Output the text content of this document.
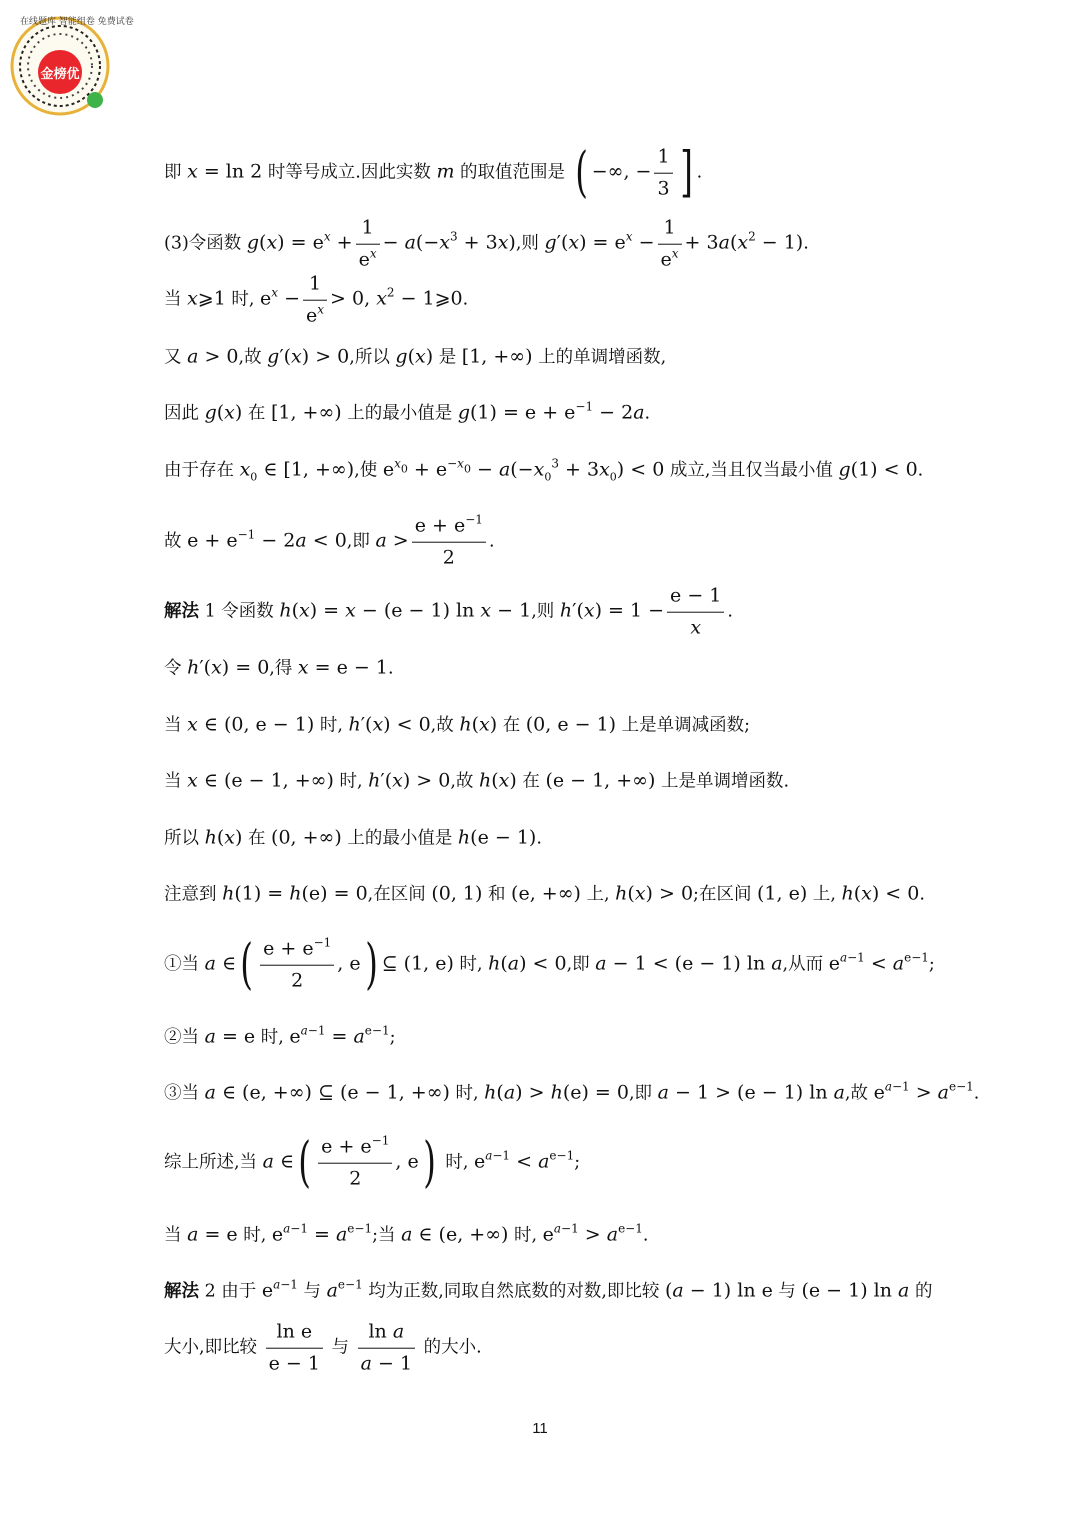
金榜优
在线题库 智能组卷 免费试卷
即 x = ln 2 时等号成立.因此实数 m 的取值范围是 ( −∞, − $\frac{1}{3}$ ] .
(3)令函数 $g(x) = e^x + \frac{1}{e^x} - a(-x^3 + 3x)$,则 $g'(x) = e^x - \frac{1}{e^x} + 3a(x^2 - 1)$.
当 x⩾1 时, $e^x - \frac{1}{e^x} > 0$, $x^2$ − 1⩾0.
又 a > 0,故 g′(x) > 0,所以 g(x) 是 [1, +∞) 上的单调增函数,
因此 g(x) 在 [1, +∞) 上的最小值是 $g(1) = e + e^{-1} - 2a$.
由于存在 $x_0$ ∈ [1, +∞),使 $e^{x_0} + e^{-x_0} - a(-x_0^3 + 3x_0) < 0$ 成立,当且仅当最小值 g(1) < 0.
故 $e + e^{-1} - 2a < 0$,即 $a > \frac{e + e^{-1}}{2}$ .
解法 1 令函数 h(x) = x − (e − 1) ln x − 1,则 $h'(x) = 1 - \frac{e - 1}{x}$ .
令 h′(x) = 0,得 x = e − 1.
当 x ∈ (0, e − 1) 时, h′(x) < 0,故 h(x) 在 (0, e − 1) 上是单调减函数;
当 x ∈ (e − 1, +∞) 时, h′(x) > 0,故 h(x) 在 (e − 1, +∞) 上是单调增函数.
所以 h(x) 在 (0, +∞) 上的最小值是 h(e − 1).
注意到 h(1) = h(e) = 0,在区间 (0, 1) 和 (e, +∞) 上, h(x) > 0;在区间 (1, e) 上, h(x) < 0.
①当 a ∈( $\frac{e + e^{-1}}{2}$ , e) ⊆ (1, e) 时, h(a) < 0,即 a − 1 < (e − 1) ln a,从而 $e^{a-1} < a^{e-1}$;
②当 a = e 时, $e^{a-1} = a^{e-1}$;
③当 a ∈ (e, +∞) ⊆ (e − 1, +∞) 时, h(a) > h(e) = 0,即 a − 1 > (e − 1) ln a,故 $e^{a-1} > a^{e-1}$.
综上所述,当 a ∈( $\frac{e + e^{-1}}{2}$ , e) 时, $e^{a-1} < a^{e-1}$;
当 a = e 时, $e^{a-1} = a^{e-1}$;当 a ∈ (e, +∞) 时, $e^{a-1} > a^{e-1}$.
解法 2 由于 $e^{a-1}$ 与 $a^{e-1}$ 均为正数,同取自然底数的对数,即比较 (a − 1) ln e 与 (e − 1) ln a 的
大小,即比较 $\frac{\text{ln e}}{e - 1}$ 与 $\frac{\text{ln a}}{a - 1}$ 的大小.
11
